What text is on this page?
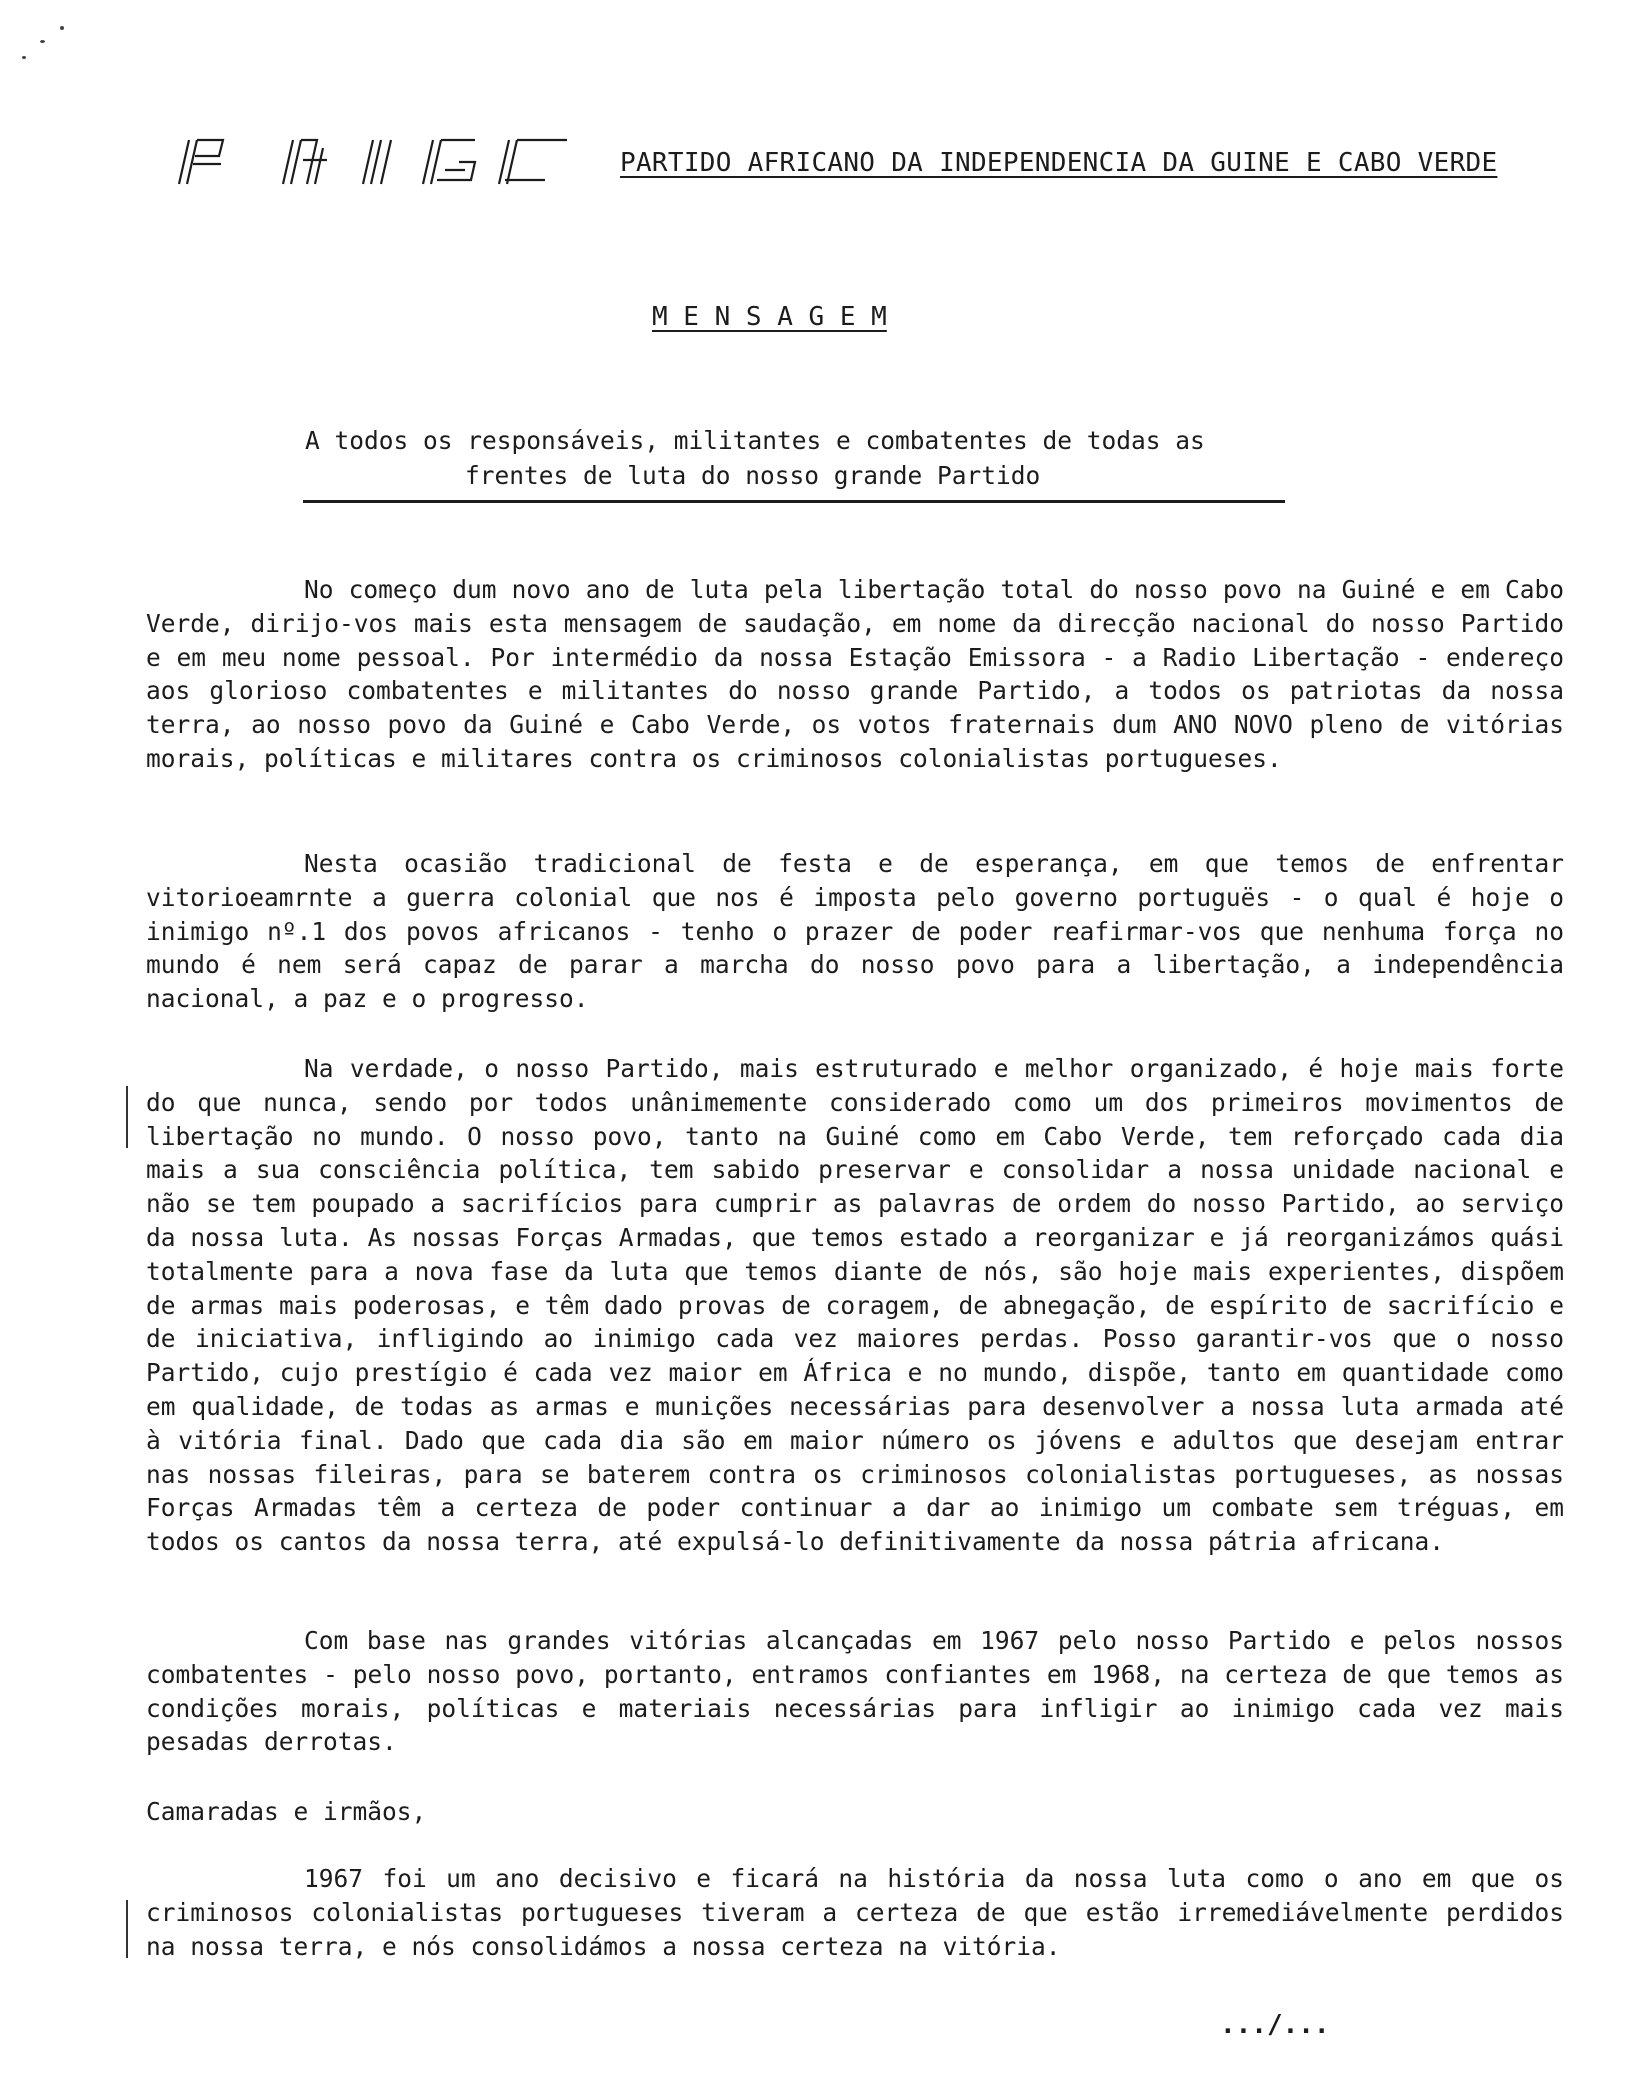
PARTIDO AFRICANO DA INDEPENDENCIA DA GUINE E CABO VERDE
M E N S A G E M
A todos os responsáveis, militantes e combatentes de todas as
frentes de luta do nosso grande Partido

No começo dum novo ano de luta pela libertação total do nosso povo na Guiné e em Cabo Verde, dirijo-vos mais esta mensagem de saudação, em nome da direcção nacional do nosso Partido e em meu nome pessoal. Por intermédio da nossa Estação Emissora - a Radio Libertação - endereço aos glorioso combatentes e militantes do nosso grande Partido, a todos os patriotas da nossa terra, ao nosso povo da Guiné e Cabo Verde, os votos fraternais dum ANO NOVO pleno de vitórias morais, políticas e militares contra os criminosos colonialistas portugueses.

Nesta ocasião tradicional de festa e de esperança, em que temos de enfrentar vitorioeamrnte a guerra colonial que nos é imposta pelo governo portuguës - o qual é hoje o inimigo nº.1 dos povos africanos - tenho o prazer de poder reafirmar-vos que nenhuma força no mundo é nem será capaz de parar a marcha do nosso povo para a libertação, a independência nacional, a paz e o progresso.

Na verdade, o nosso Partido, mais estruturado e melhor organizado, é hoje mais forte do que nunca, sendo por todos unânimemente considerado como um dos primeiros movimentos de libertação no mundo. O nosso povo, tanto na Guiné como em Cabo Verde, tem reforçado cada dia mais a sua consciência política, tem sabido preservar e consolidar a nossa unidade nacional e não se tem poupado a sacrifícios para cumprir as palavras de ordem do nosso Partido, ao serviço da nossa luta. As nossas Forças Armadas, que temos estado a reorganizar e já reorganizámos quási totalmente para a nova fase da luta que temos diante de nós, são hoje mais experientes, dispõem de armas mais poderosas, e têm dado provas de coragem, de abnegação, de espírito de sacrifício e de iniciativa, infligindo ao inimigo cada vez maiores perdas. Posso garantir-vos que o nosso Partido, cujo prestígio é cada vez maior em África e no mundo, dispõe, tanto em quantidade como em qualidade, de todas as armas e munições necessárias para desenvolver a nossa luta armada até à vitória final. Dado que cada dia são em maior número os jóvens e adultos que desejam entrar nas nossas fileiras, para se baterem contra os criminosos colonialistas portugueses, as nossas Forças Armadas têm a certeza de poder continuar a dar ao inimigo um combate sem tréguas, em todos os cantos da nossa terra, até expulsá-lo definitivamente da nossa pátria africana.

Com base nas grandes vitórias alcançadas em 1967 pelo nosso Partido e pelos nossos combatentes - pelo nosso povo, portanto, entramos confiantes em 1968, na certeza de que temos as condições morais, políticas e materiais necessárias para infligir ao inimigo cada vez mais pesadas derrotas.

Camaradas e irmãos,

1967 foi um ano decisivo e ficará na história da nossa luta como o ano em que os criminosos colonialistas portugueses tiveram a certeza de que estão irremediávelmente perdidos na nossa terra, e nós consolidámos a nossa certeza na vitória.

.../...
